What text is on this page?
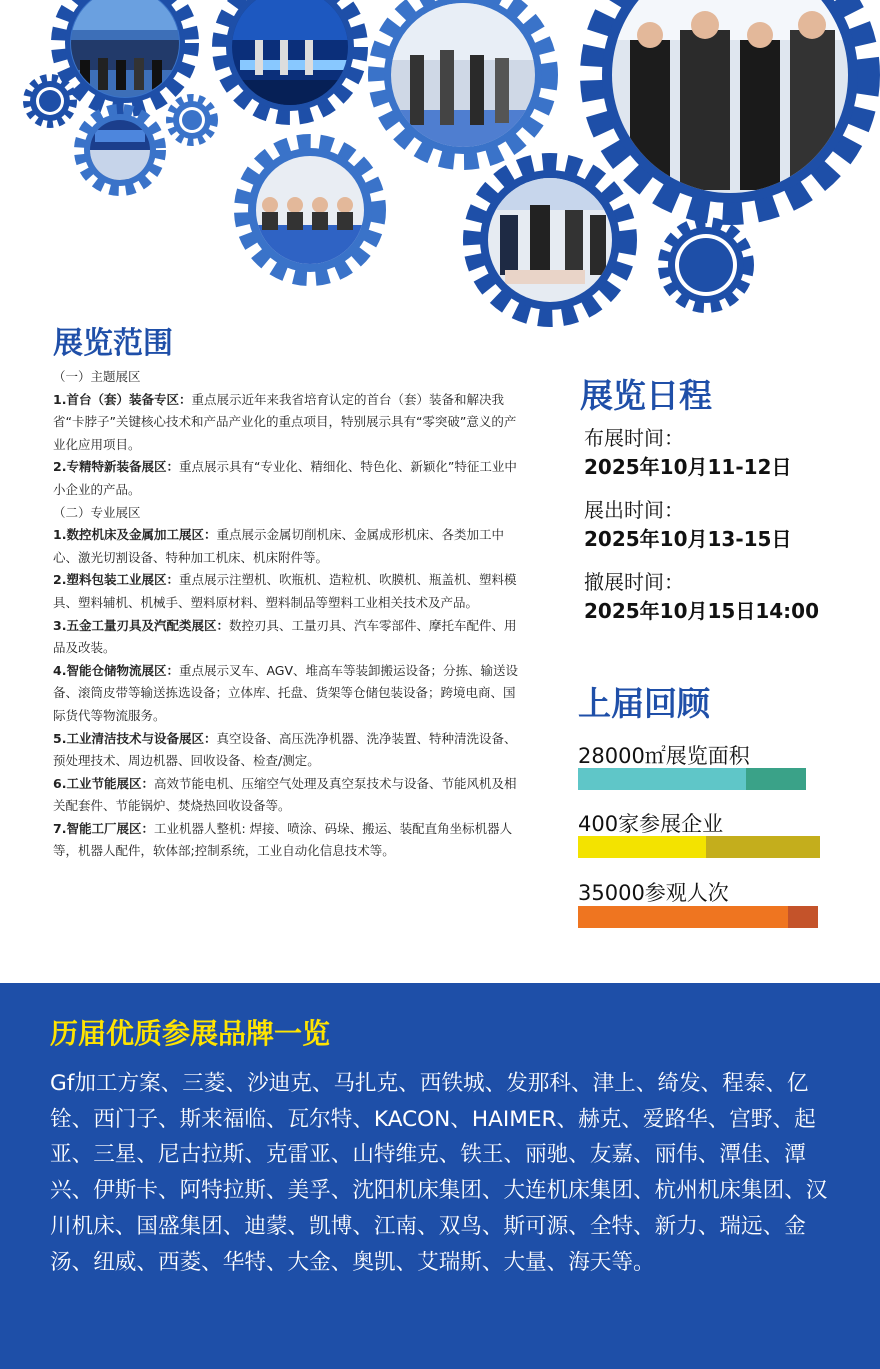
展览范围

（一）主题展区

1.首台（套）装备专区：重点展示近年来我省培育认定的首台（套）装备和解决我省“卡脖子”关键核心技术和产品产业化的重点项目，特别展示具有“零突破”意义的产业化应用项目。

2.专精特新装备展区：重点展示具有“专业化、精细化、特色化、新颖化”特征工业中小企业的产品。

（二）专业展区

1.数控机床及金属加工展区：重点展示金属切削机床、金属成形机床、各类加工中心、激光切割设备、特种加工机床、机床附件等。

2.塑料包装工业展区：重点展示注塑机、吹瓶机、造粒机、吹膜机、瓶盖机、塑料模具、塑料辅机、机械手、塑料原材料、塑料制品等塑料工业相关技术及产品。

3.五金工量刃具及汽配类展区：数控刃具、工量刃具、汽车零部件、摩托车配件、用品及改装。

4.智能仓储物流展区：重点展示叉车、AGV、堆高车等装卸搬运设备；分拣、输送设备、滚筒皮带等输送拣选设备；立体库、托盘、货架等仓储包装设备；跨境电商、国际货代等物流服务。

5.工业清洁技术与设备展区：真空设备、高压洗净机器、洗净装置、特种清洗设备、预处理技术、周边机器、回收设备、检查/测定。

6.工业节能展区：高效节能电机、压缩空气处理及真空泵技术与设备、节能风机及相关配套件、节能锅炉、焚烧热回收设备等。

7.智能工厂展区：工业机器人整机: 焊接、喷涂、码垛、搬运、装配直角坐标机器人等，机器人配件，软体部;控制系统，工业自动化信息技术等。

展览日程
布展时间：
2025年10月11-12日
展出时间：
2025年10月13-15日
撤展时间：
2025年10月15日14:00
上届回顾
28000㎡展览面积
400家参展企业
35000参观人次
历届优质参展品牌一览
Gf加工方案、三菱、沙迪克、马扎克、西铁城、发那科、津上、绮发、程泰、亿铨、西门子、斯来福临、瓦尔特、KACON、HAIMER、赫克、爱路华、宫野、起亚、三星、尼古拉斯、克雷亚、山特维克、铁王、丽驰、友嘉、丽伟、潭佳、潭兴、伊斯卡、阿特拉斯、美孚、沈阳机床集团、大连机床集团、杭州机床集团、汉川机床、国盛集团、迪蒙、凯博、江南、双鸟、斯可源、全特、新力、瑞远、金汤、纽威、西菱、华特、大金、奥凯、艾瑞斯、大量、海天等。
